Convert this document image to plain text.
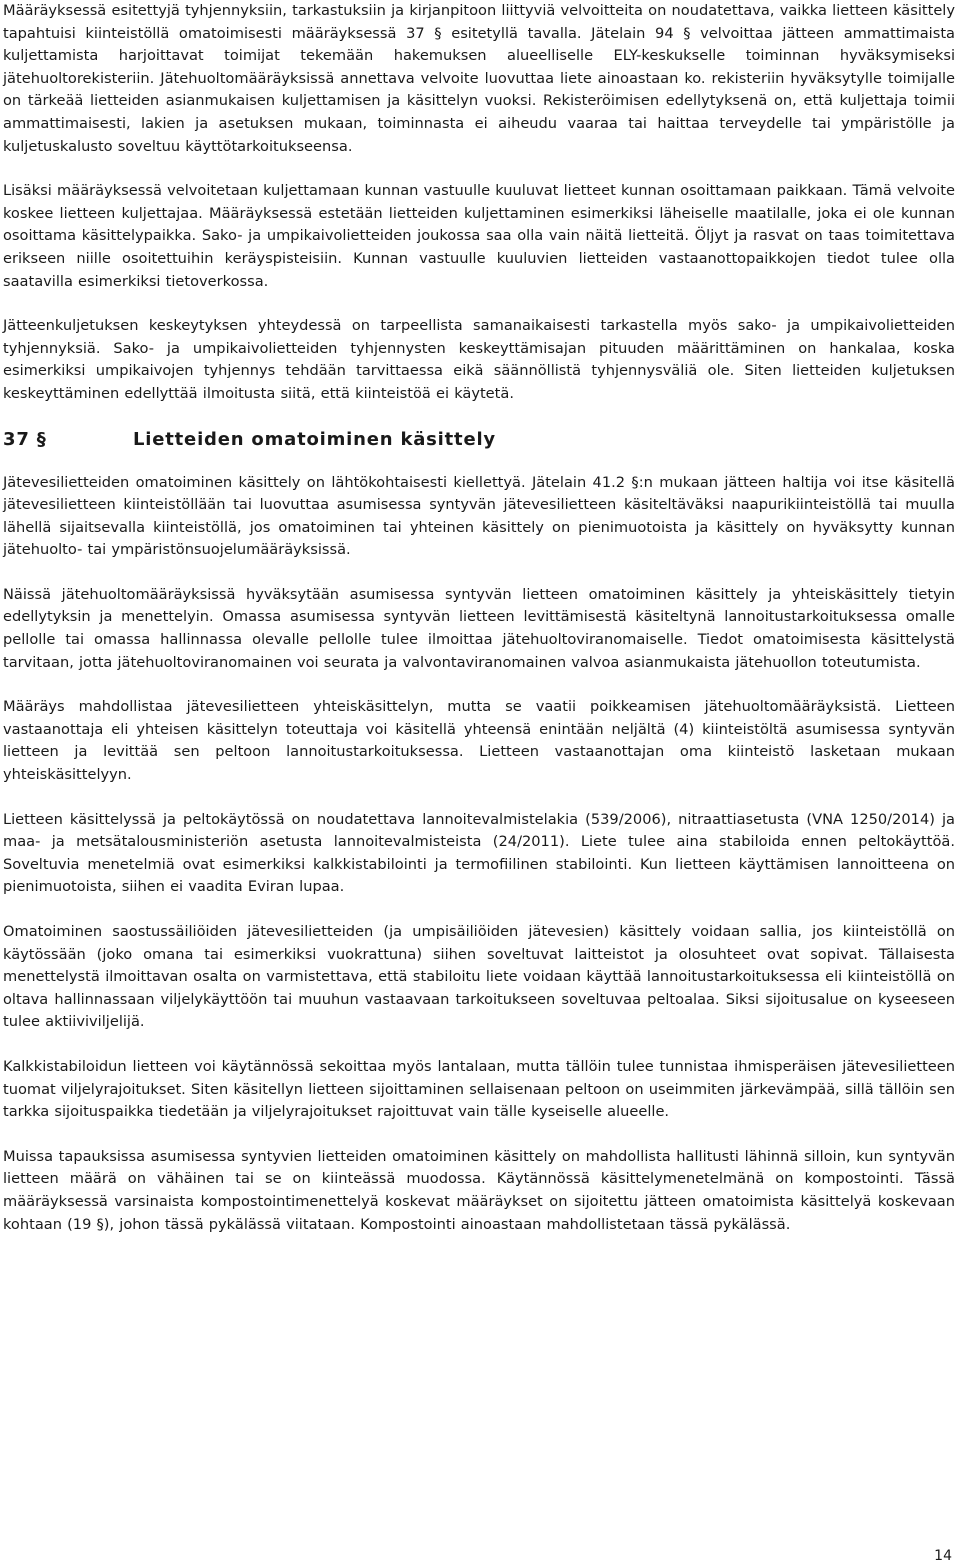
Määräyksessä esitettyjä tyhjennyksiin, tarkastuksiin ja kirjanpitoon liittyviä velvoitteita on noudatettava, vaikka lietteen käsittely tapahtuisi kiinteistöllä omatoimisesti määräyksessä 37 § esitetyllä tavalla. Jätelain 94 § velvoittaa jätteen ammattimaista kuljettamista harjoittavat toimijat tekemään hakemuksen alueelliselle ELY-keskukselle toiminnan hyväksymiseksi jätehuoltorekisteriin. Jätehuoltomääräyksissä annettava velvoite luovuttaa liete ainoastaan ko. rekisteriin hyväksytylle toimijalle on tärkeää lietteiden asianmukaisen kuljettamisen ja käsittelyn vuoksi. Rekisteröimisen edellytyksenä on, että kuljettaja toimii ammattimaisesti, lakien ja asetuksen mukaan, toiminnasta ei aiheudu vaaraa tai haittaa terveydelle tai ympäristölle ja kuljetuskalusto soveltuu käyttötarkoitukseensa.

Lisäksi määräyksessä velvoitetaan kuljettamaan kunnan vastuulle kuuluvat lietteet kunnan osoittamaan paikkaan. Tämä velvoite koskee lietteen kuljettajaa. Määräyksessä estetään lietteiden kuljettaminen esimerkiksi läheiselle maatilalle, joka ei ole kunnan osoittama käsittelypaikka. Sako- ja umpikaivolietteiden joukossa saa olla vain näitä lietteitä. Öljyt ja rasvat on taas toimitettava erikseen niille osoitettuihin keräyspisteisiin. Kunnan vastuulle kuuluvien lietteiden vastaanottopaikkojen tiedot tulee olla saatavilla esimerkiksi tietoverkossa.

Jätteenkuljetuksen keskeytyksen yhteydessä on tarpeellista samanaikaisesti tarkastella myös sako- ja umpikaivolietteiden tyhjennyksiä. Sako- ja umpikaivolietteiden tyhjennysten keskeyttämisajan pituuden määrittäminen on hankalaa, koska esimerkiksi umpikaivojen tyhjennys tehdään tarvittaessa eikä säännöllistä tyhjennysväliä ole. Siten lietteiden kuljetuksen keskeyttäminen edellyttää ilmoitusta siitä, että kiinteistöä ei käytetä.

37 §	Lietteiden omatoiminen käsittely

Jätevesilietteiden omatoiminen käsittely on lähtökohtaisesti kiellettyä. Jätelain 41.2 §:n mukaan jätteen haltija voi itse käsitellä jätevesilietteen kiinteistöllään tai luovuttaa asumisessa syntyvän jätevesilietteen käsiteltäväksi naapurikiinteistöllä tai muulla lähellä sijaitsevalla kiinteistöllä, jos omatoiminen tai yhteinen käsittely on pienimuotoista ja käsittely on hyväksytty kunnan jätehuolto- tai ympäristönsuojelumääräyksissä.

Näissä jätehuoltomääräyksissä hyväksytään asumisessa syntyvän lietteen omatoiminen käsittely ja yhteiskäsittely tietyin edellytyksin ja menettelyin. Omassa asumisessa syntyvän lietteen levittämisestä käsiteltynä lannoitustarkoituksessa omalle pellolle tai omassa hallinnassa olevalle pellolle tulee ilmoittaa jätehuoltoviranomaiselle. Tiedot omatoimisesta käsittelystä tarvitaan, jotta jätehuoltoviranomainen voi seurata ja valvontaviranomainen valvoa asianmukaista jätehuollon toteutumista.

Määräys mahdollistaa jätevesilietteen yhteiskäsittelyn, mutta se vaatii poikkeamisen jätehuoltomääräyksistä. Lietteen vastaanottaja eli yhteisen käsittelyn toteuttaja voi käsitellä yhteensä enintään neljältä (4) kiinteistöltä asumisessa syntyvän lietteen ja levittää sen peltoon lannoitustarkoituksessa. Lietteen vastaanottajan oma kiinteistö lasketaan mukaan yhteiskäsittelyyn.

Lietteen käsittelyssä ja peltokäytössä on noudatettava lannoitevalmistelakia (539/2006), nitraattiasetusta (VNA 1250/2014) ja maa- ja metsätalousministeriön asetusta lannoitevalmisteista (24/2011). Liete tulee aina stabiloida ennen peltokäyttöä. Soveltuvia menetelmiä ovat esimerkiksi kalkkistabilointi ja termofiilinen stabilointi. Kun lietteen käyttämisen lannoitteena on pienimuotoista, siihen ei vaadita Eviran lupaa.

Omatoiminen saostussäiliöiden jätevesilietteiden (ja umpisäiliöiden jätevesien) käsittely voidaan sallia, jos kiinteistöllä on käytössään (joko omana tai esimerkiksi vuokrattuna) siihen soveltuvat laitteistot ja olosuhteet ovat sopivat. Tällaisesta menettelystä ilmoittavan osalta on varmistettava, että stabiloitu liete voidaan käyttää lannoitustarkoituksessa eli kiinteistöllä on oltava hallinnassaan viljelykäyttöön tai muuhun vastaavaan tarkoitukseen soveltuvaa peltoalaa. Siksi sijoitusalue on kyseeseen tulee aktiiviviljelijä.

Kalkkistabiloidun lietteen voi käytännössä sekoittaa myös lantalaan, mutta tällöin tulee tunnistaa ihmisperäisen jätevesilietteen tuomat viljelyrajoitukset. Siten käsitellyn lietteen sijoittaminen sellaisenaan peltoon on useimmiten järkevämpää, sillä tällöin sen tarkka sijoituspaikka tiedetään ja viljelyrajoitukset rajoittuvat vain tälle kyseiselle alueelle.

Muissa tapauksissa asumisessa syntyvien lietteiden omatoiminen käsittely on mahdollista hallitusti lähinnä silloin, kun syntyvän lietteen määrä on vähäinen tai se on kiinteässä muodossa. Käytännössä käsittelymenetelmänä on kompostointi. Tässä määräyksessä varsinaista kompostointimenettelyä koskevat määräykset on sijoitettu jätteen omatoimista käsittelyä koskevaan kohtaan (19 §), johon tässä pykälässä viitataan. Kompostointi ainoastaan mahdollistetaan tässä pykälässä.

14
